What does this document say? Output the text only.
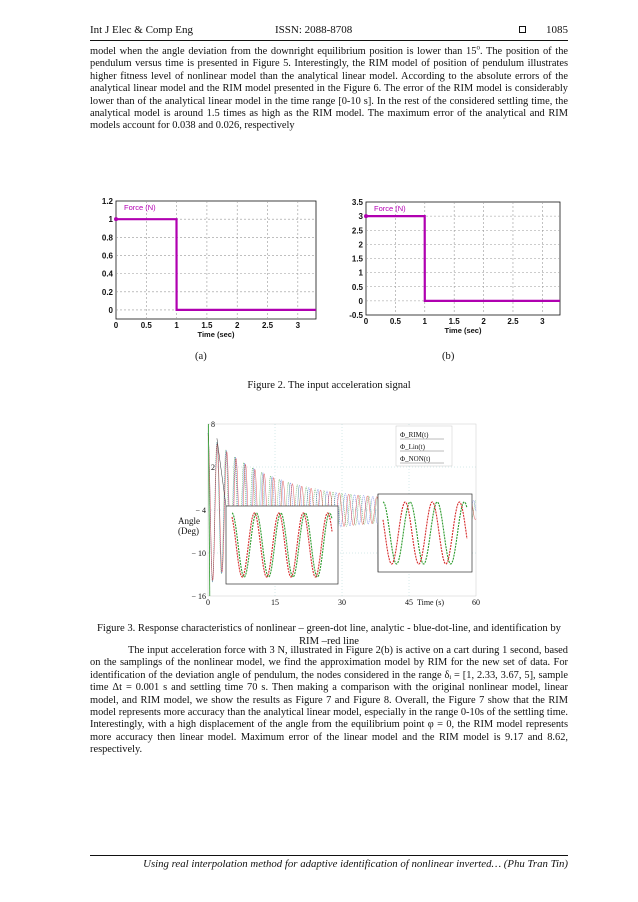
Int J Elec & Comp Eng	ISSN: 2088-8708	1085

model when the angle deviation from the downright equilibrium position is lower than 15$^o$. The position of the pendulum versus time is presented in Figure 5. Interestingly, the RIM model of position of pendulum illustrates higher fitness level of nonlinear model than the analytical linear model. According to the absolute errors of the analytical linear model and the RIM model presented in the Figure 6. The error of the RIM model is considerably lower than of the analytical linear model in the time range [0-10 s]. In the rest of the considered settling time, the analytical model is around 1.5 times as high as the RIM model. The maximum error of the analytical and RIM models account for 0.038 and 0.026, respectively

0	0.5	1	1.5	2	2.5	3
0
0.2
0.4
0.6
0.8
1
1.2
Force (N)
Time (sec)
0	0.5	1	1.5	2	2.5	3
-0.5
0
0.5
1
1.5
2
2.5
3
3.5
Force (N)
Time (sec)
(a)	(b)
Figure 2. The input acceleration signal
0	15	30	45	60
8
2
− 4
− 10
− 16
Time (s)
Φ_RIM(t)
Φ_Lin(t)
Φ_NON(t)
Figure 3. Response characteristics of nonlinear – green-dot line, analytic - blue-dot-line, and identification by RIM –red line

The input acceleration force with 3 N, illustrated in Figure 2(b) is active on a cart during 1 second, based on the samplings of the nonlinear model, we find the approximation model by RIM for the new set of data. For identification of the deviation angle of pendulum, the nodes considered in the range δᵢ = [1, 2.33, 3.67, 5], sample time Δt = 0.001 s and settling time 70 s. Then making a comparison with the original nonlinear model, linear model, and RIM model, we show the results as Figure 7 and Figure 8. Overall, the Figure 7 show that the RIM model represents more accuracy than the analytical linear model, especially in the range 0-10s of the settling time. Interestingly, with a high displacement of the angle from the equilibrium point φ = 0, the RIM model represents more accuracy then linear model. Maximum error of the linear model and the RIM model is 9.17 and 8.62, respectively.

Using real interpolation method for adaptive identification of nonlinear inverted… (Phu Tran Tin)
Angle
(Deg)
